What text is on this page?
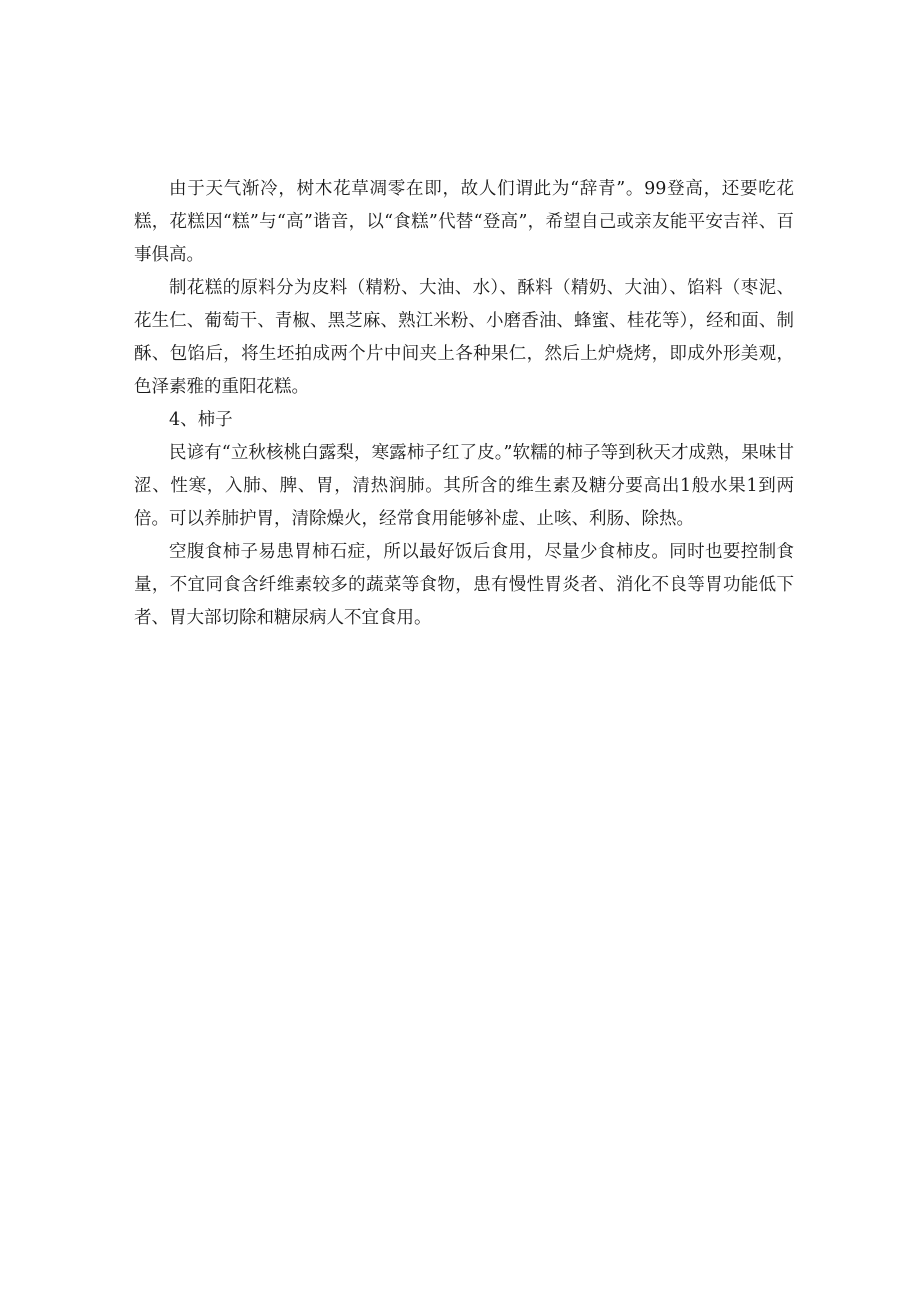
由于天气渐冷，树木花草凋零在即，故人们谓此为“辞青”。99登高，还要吃花糕，花糕因“糕”与“高”谐音，以“食糕”代替“登高”，希望自己或亲友能平安吉祥、百事俱高。

制花糕的原料分为皮料（精粉、大油、水）、酥料（精奶、大油）、馅料（枣泥、花生仁、葡萄干、青椒、黑芝麻、熟江米粉、小磨香油、蜂蜜、桂花等），经和面、制酥、包馅后，将生坯拍成两个片中间夹上各种果仁，然后上炉烧烤，即成外形美观，色泽素雅的重阳花糕。

4、柿子

民谚有“立秋核桃白露梨，寒露柿子红了皮。”软糯的柿子等到秋天才成熟，果味甘涩、性寒，入肺、脾、胃，清热润肺。其所含的维生素及糖分要高出1般水果1到两倍。可以养肺护胃，清除燥火，经常食用能够补虚、止咳、利肠、除热。

空腹食柿子易患胃柿石症，所以最好饭后食用，尽量少食柿皮。同时也要控制食量，不宜同食含纤维素较多的蔬菜等食物，患有慢性胃炎者、消化不良等胃功能低下者、胃大部切除和糖尿病人不宜食用。
